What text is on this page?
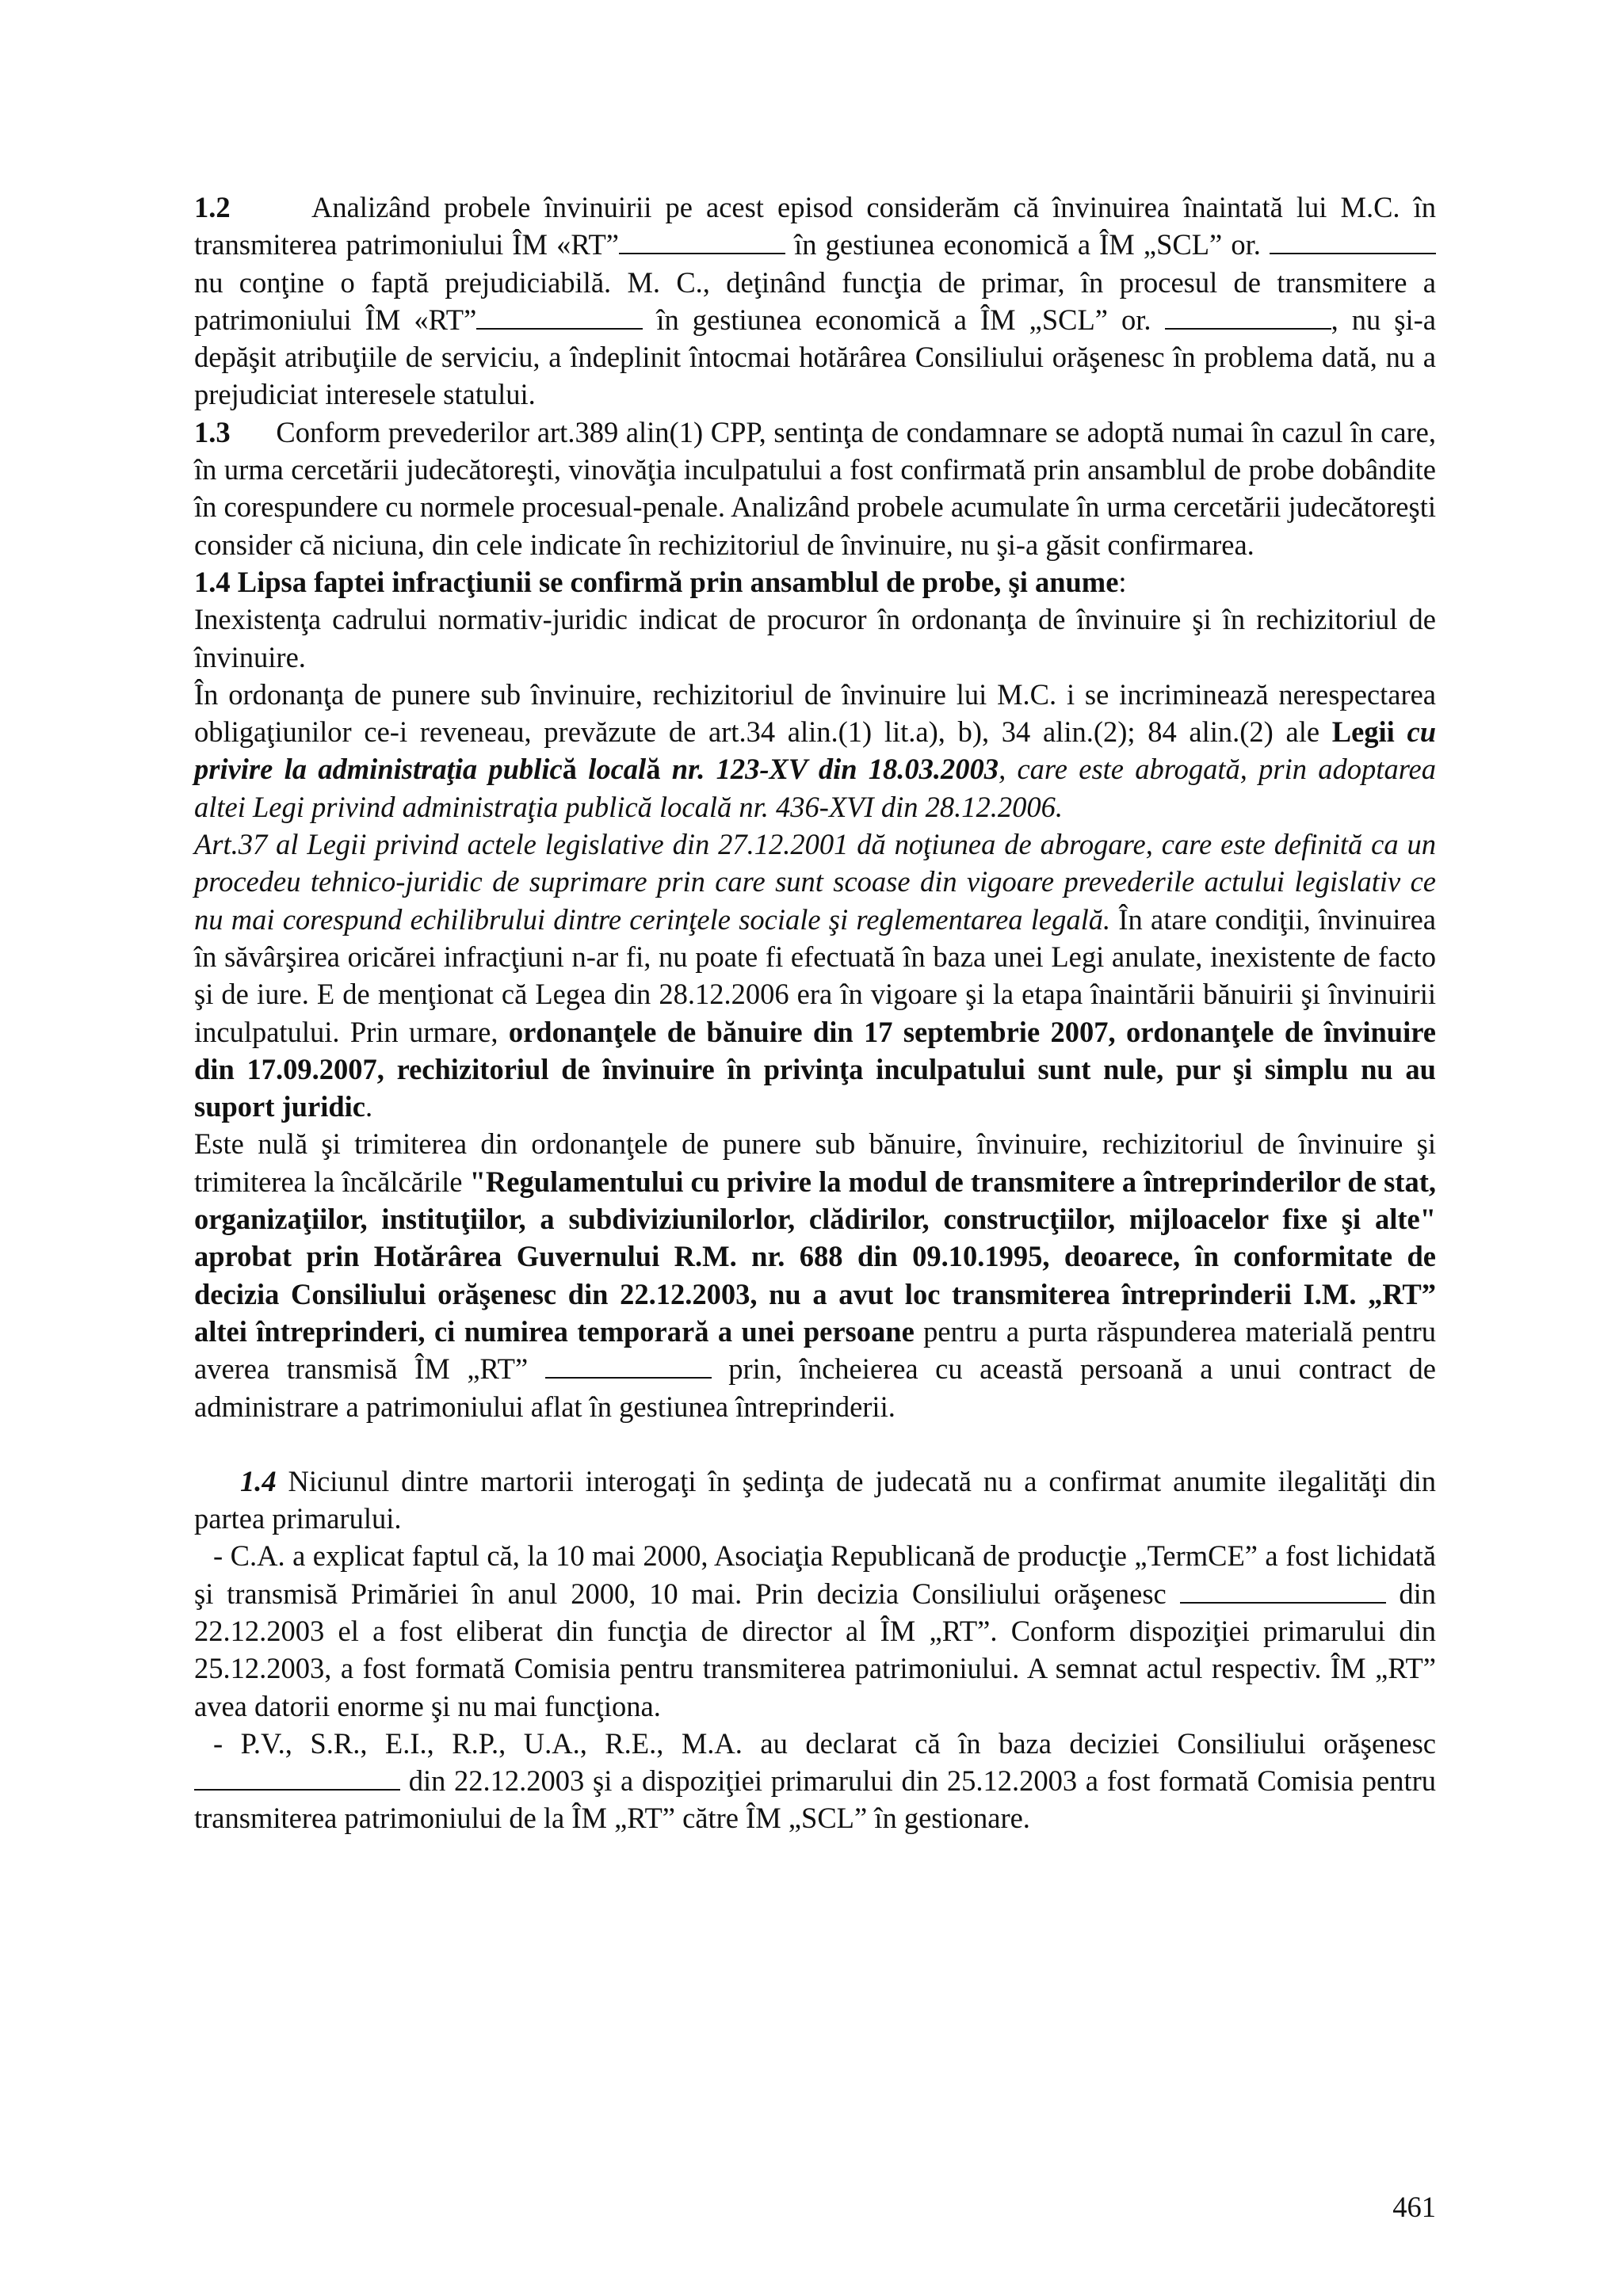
1.2	Analizând probele învinuirii pe acest episod considerăm că învinuirea înaintată lui M.C. în transmiterea patrimoniului ÎM «RT”	în gestiunea economică a ÎM „SCL” or.  nu conţine o faptă prejudiciabilă. M. C., deţinând funcţia de primar, în procesul de transmitere a patrimoniului ÎM «RT”	în gestiunea economică a ÎM „SCL” or.	, nu şi-a depăşit atribuţiile de serviciu, a îndeplinit întocmai hotărârea Consiliului orăşenesc în problema dată, nu a prejudiciat interesele statului.

1.3 Conform prevederilor art.389 alin(1) CPP, sentinţa de condamnare se adoptă numai în cazul în care, în urma cercetării judecătoreşti, vinovăţia inculpatului a fost confirmată prin ansamblul de probe dobândite în corespundere cu normele procesual-penale. Analizând probele acumulate în urma cercetării judecătoreşti consider că niciuna, din cele indicate în rechizitoriul de învinuire, nu şi-a găsit confirmarea.

1.4 Lipsa faptei infracţiunii se confirmă prin ansamblul de probe, şi anume:

Inexistenţa cadrului normativ-juridic indicat de procuror în ordonanţa de învinuire şi în rechizitoriul de învinuire.

În ordonanţa de punere sub învinuire, rechizitoriul de învinuire lui M.C. i se incriminează nerespectarea obligaţiunilor ce-i reveneau, prevăzute de art.34 alin.(1) lit.a), b), 34 alin.(2); 84 alin.(2) ale Legii cu privire la administraţia publică locală nr. 123-XV din 18.03.2003, care este abrogată, prin adoptarea altei Legi privind administraţia publică locală nr. 436-XVI din 28.12.2006.

Art.37 al Legii privind actele legislative din 27.12.2001 dă noţiunea de abrogare, care este definită ca un procedeu tehnico-juridic de suprimare prin care sunt scoase din vigoare prevederile actului legislativ ce nu mai corespund echilibrului dintre cerinţele sociale şi reglementarea legală. În atare condiţii, învinuirea în săvârşirea oricărei infracţiuni n-ar fi, nu poate fi efectuată în baza unei Legi anulate, inexistente de facto şi de iure. E de menţionat că Legea din 28.12.2006 era în vigoare şi la etapa înaintării bănuirii şi învinuirii inculpatului. Prin urmare, ordonanţele de bănuire din 17 septembrie 2007, ordonanţele de învinuire din 17.09.2007, rechizitoriul de învinuire în privinţa inculpatului sunt nule, pur şi simplu nu au suport juridic.

Este nulă şi trimiterea din ordonanţele de punere sub bănuire, învinuire, rechizitoriul de învinuire şi trimiterea la încălcările "Regulamentului cu privire la modul de transmitere a întreprinderilor de stat, organizaţiilor, instituţiilor, a subdiviziunilorlor, clădirilor, construcţiilor, mijloacelor fixe şi alte" aprobat prin Hotărârea Guvernului R.M. nr. 688 din 09.10.1995, deoarece, în conformitate de decizia Consiliului orăşenesc din 22.12.2003, nu a avut loc transmiterea întreprinderii I.M. „RT” altei întreprinderi, ci numirea temporară a unei persoane pentru a purta răspunderea materială pentru averea transmisă ÎM „RT”	prin, încheierea cu această persoană a unui contract de administrare a patrimoniului aflat în gestiunea întreprinderii.

1.4 Niciunul dintre martorii interogaţi în şedinţa de judecată nu a confirmat anumite ilegalităţi din partea primarului.

- C.A. a explicat faptul că, la 10 mai 2000, Asociaţia Republicană de producţie „TermCE” a fost lichidată şi transmisă Primăriei în anul 2000, 10 mai. Prin decizia Consiliului orăşenesc	din 22.12.2003 el a fost eliberat din funcţia de director al ÎM „RT”. Conform dispoziţiei primarului din 25.12.2003, a fost formată Comisia pentru transmiterea patrimoniului. A semnat actul respectiv. ÎM „RT” avea datorii enorme şi nu mai funcţiona.

- P.V., S.R., E.I., R.P., U.A., R.E., M.A. au declarat că în baza deciziei Consiliului orăşenesc  din 22.12.2003 şi a dispoziţiei primarului din 25.12.2003 a fost formată Comisia pentru transmiterea patrimoniului de la ÎM „RT” către ÎM „SCL” în gestionare.

461
